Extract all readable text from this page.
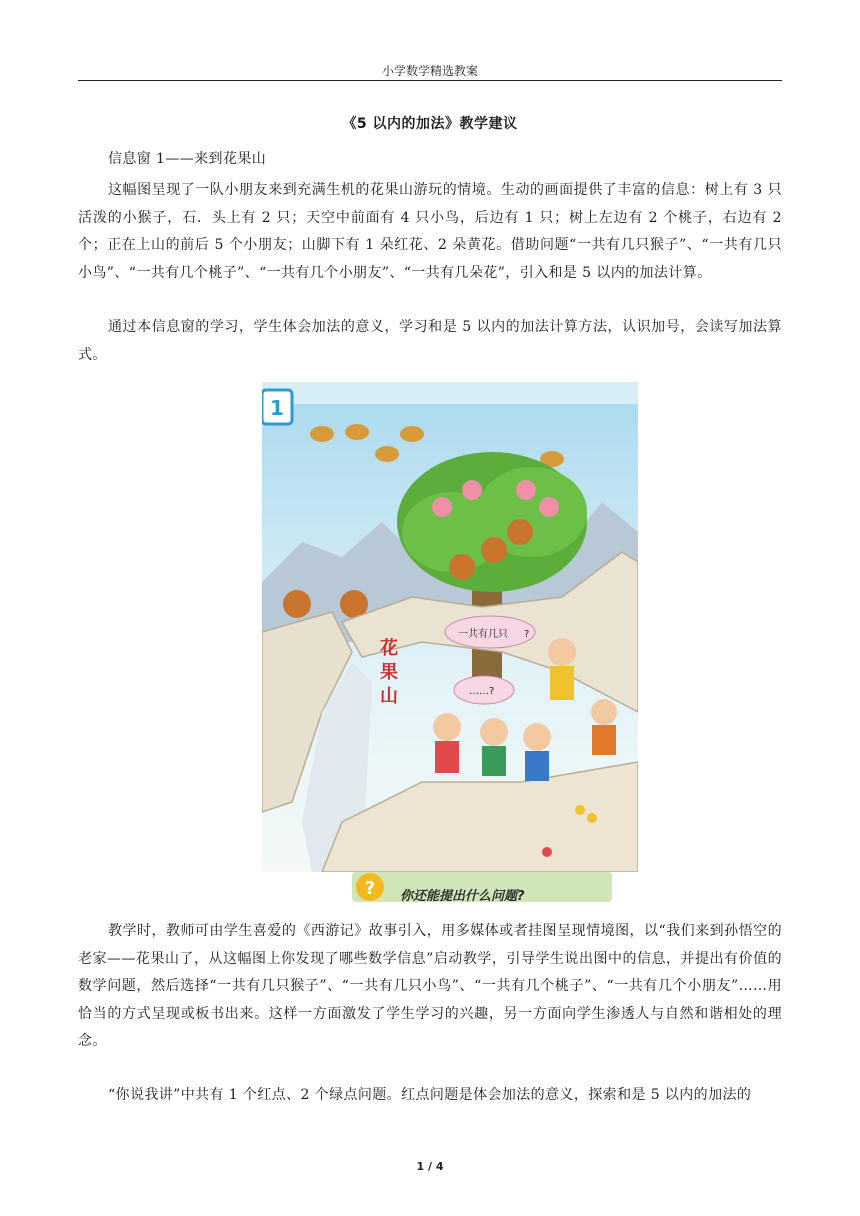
小学数学精选教案
《5 以内的加法》教学建议

信息窗 1——来到花果山

这幅图呈现了一队小朋友来到充满生机的花果山游玩的情境。生动的画面提供了丰富的信息：树上有 3 只活泼的小猴子，石．头上有 2 只；天空中前面有 4 只小鸟，后边有 1 只；树上左边有 2 个桃子，右边有 2 个；正在上山的前后 5 个小朋友；山脚下有 1 朵红花、2 朵黄花。借助问题“一共有几只猴子”、“一共有几只小鸟”、“一共有几个桃子”、“一共有几个小朋友”、“一共有几朵花”，引入和是 5 以内的加法计算。

通过本信息窗的学习，学生体会加法的意义，学习和是 5 以内的加法计算方法，认识加号，会读写加法算式。

1
花
果
山
一共有几只 ?
……?
? 你还能提出什么问题?

教学时，教师可由学生喜爱的《西游记》故事引入，用多媒体或者挂图呈现情境图，以“我们来到孙悟空的老家——花果山了，从这幅图上你发现了哪些数学信息”启动教学，引导学生说出图中的信息，并提出有价值的数学问题，然后选择“一共有几只猴子”、“一共有几只小鸟”、“一共有几个桃子”、“一共有几个小朋友”……用恰当的方式呈现或板书出来。这样一方面激发了学生学习的兴趣，另一方面向学生渗透人与自然和谐相处的理念。

“你说我讲”中共有 1 个红点、2 个绿点问题。红点问题是体会加法的意义，探索和是 5 以内的加法的

1 / 4
